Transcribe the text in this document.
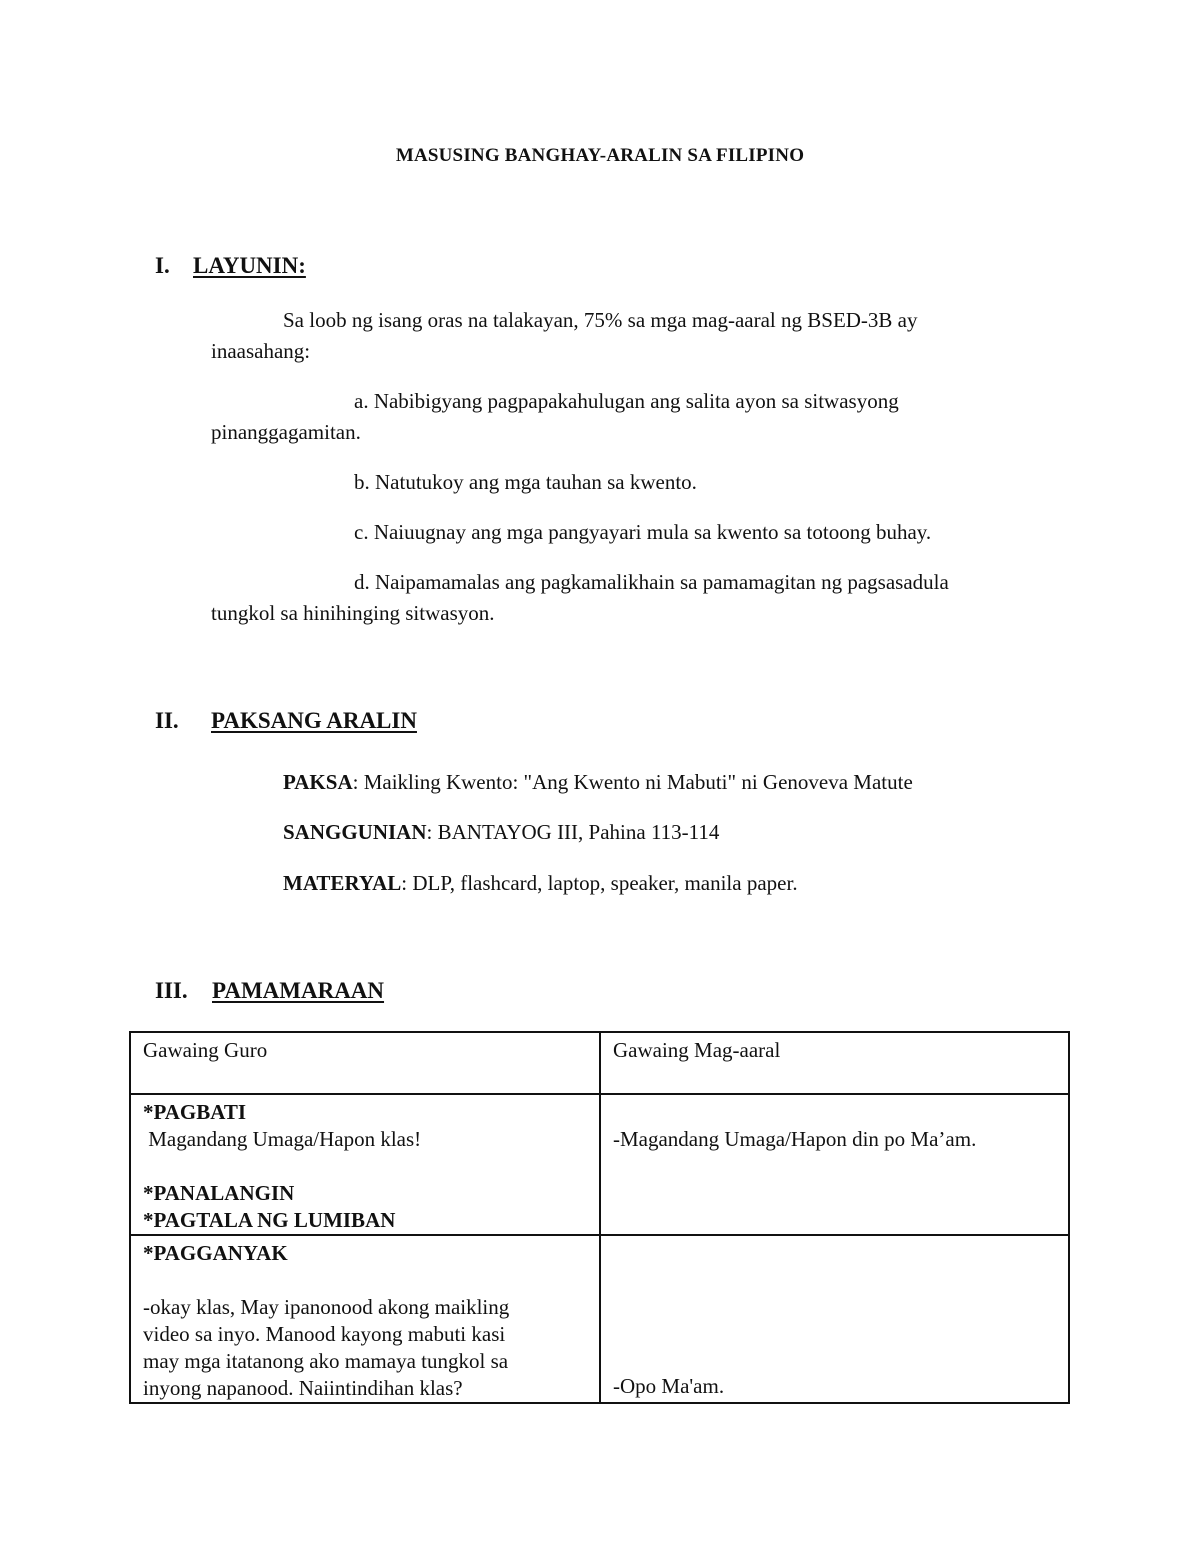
MASUSING BANGHAY-ARALIN SA FILIPINO
I. LAYUNIN:
Sa loob ng isang oras na talakayan, 75% sa mga mag-aaral ng BSED-3B ay
inaasahang:
a. Nabibigyang pagpapakahulugan ang salita ayon sa sitwasyong
pinanggagamitan.
b. Natutukoy ang mga tauhan sa kwento.
c. Naiuugnay ang mga pangyayari mula sa kwento sa totoong buhay.
d. Naipamamalas ang pagkamalikhain sa pamamagitan ng pagsasadula
tungkol sa hinihinging sitwasyon.
II. PAKSANG ARALIN
PAKSA: Maikling Kwento: "Ang Kwento ni Mabuti" ni Genoveva Matute
SANGGUNIAN: BANTAYOG III, Pahina 113-114
MATERYAL: DLP, flashcard, laptop, speaker, manila paper.
III. PAMAMARAAN
Gawaing Guro	Gawaing Mag-aaral

*PAGBATI
Magandang Umaga/Hapon klas!
*PANALANGIN
*PAGTALA NG LUMIBAN	-Magandang Umaga/Hapon din po Ma’am.

*PAGGANYAK
-okay klas, May ipanonood akong maikling
video sa inyo. Manood kayong mabuti kasi
may mga itatanong ako mamaya tungkol sa
inyong napanood. Naiintindihan klas?	-Opo Ma'am.
